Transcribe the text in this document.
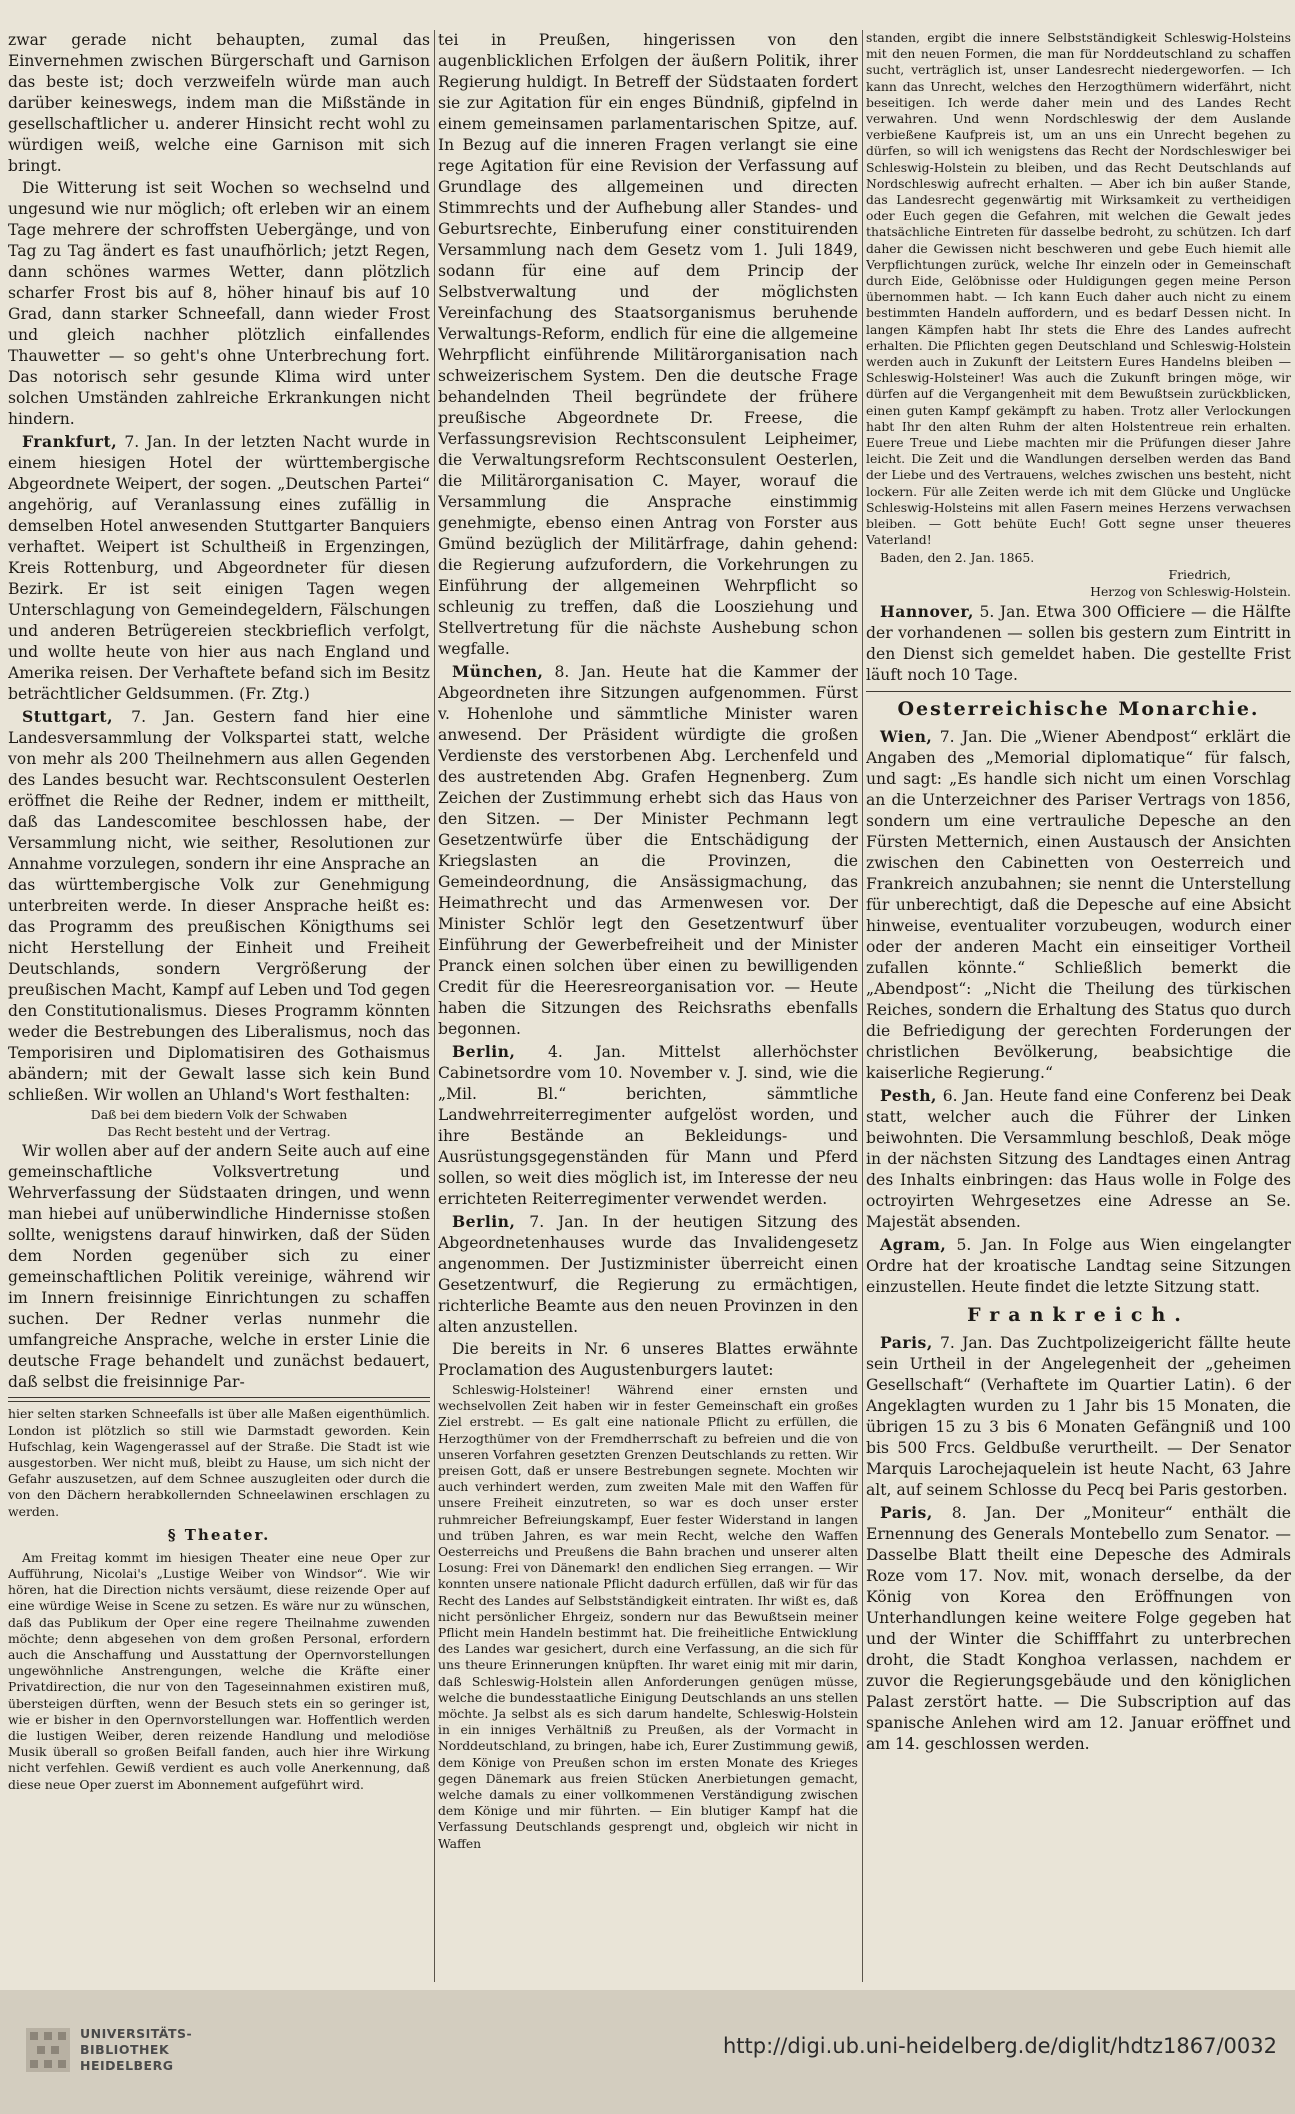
zwar gerade nicht behaupten, zumal das Einvernehmen zwischen Bürgerschaft und Garnison das beste ist; doch verzweifeln würde man auch darüber keineswegs, indem man die Mißstände in gesellschaftlicher u. anderer Hinsicht recht wohl zu würdigen weiß, welche eine Garnison mit sich bringt.

Die Witterung ist seit Wochen so wechselnd und ungesund wie nur möglich; oft erleben wir an einem Tage mehrere der schroffsten Uebergänge, und von Tag zu Tag ändert es fast unaufhörlich; jetzt Regen, dann schönes warmes Wetter, dann plötzlich scharfer Frost bis auf 8, höher hinauf bis auf 10 Grad, dann starker Schneefall, dann wieder Frost und gleich nachher plötzlich einfallendes Thauwetter — so geht's ohne Unterbrechung fort. Das notorisch sehr gesunde Klima wird unter solchen Umständen zahlreiche Erkrankungen nicht hindern.

Frankfurt, 7. Jan. In der letzten Nacht wurde in einem hiesigen Hotel der württembergische Abgeordnete Weipert, der sogen. „Deutschen Partei“ angehörig, auf Veranlassung eines zufällig in demselben Hotel anwesenden Stuttgarter Banquiers verhaftet. Weipert ist Schultheiß in Ergenzingen, Kreis Rottenburg, und Abgeordneter für diesen Bezirk. Er ist seit einigen Tagen wegen Unterschlagung von Gemeindegeldern, Fälschungen und anderen Betrügereien steckbrieflich verfolgt, und wollte heute von hier aus nach England und Amerika reisen. Der Verhaftete befand sich im Besitz beträchtlicher Geldsummen. (Fr. Ztg.)

Stuttgart, 7. Jan. Gestern fand hier eine Landesversammlung der Volkspartei statt, welche von mehr als 200 Theilnehmern aus allen Gegenden des Landes besucht war. Rechtsconsulent Oesterlen eröffnet die Reihe der Redner, indem er mittheilt, daß das Landescomitee beschlossen habe, der Versammlung nicht, wie seither, Resolutionen zur Annahme vorzulegen, sondern ihr eine Ansprache an das württembergische Volk zur Genehmigung unterbreiten werde. In dieser Ansprache heißt es: das Programm des preußischen Königthums sei nicht Herstellung der Einheit und Freiheit Deutschlands, sondern Vergrößerung der preußischen Macht, Kampf auf Leben und Tod gegen den Constitutionalismus. Dieses Programm könnten weder die Bestrebungen des Liberalismus, noch das Temporisiren und Diplomatisiren des Gothaismus abändern; mit der Gewalt lasse sich kein Bund schließen. Wir wollen an Uhland's Wort festhalten:

Daß bei dem biedern Volk der Schwaben

Das Recht besteht und der Vertrag.

Wir wollen aber auf der andern Seite auch auf eine gemeinschaftliche Volksvertretung und Wehrverfassung der Südstaaten dringen, und wenn man hiebei auf unüberwindliche Hindernisse stoßen sollte, wenigstens darauf hinwirken, daß der Süden dem Norden gegenüber sich zu einer gemeinschaftlichen Politik vereinige, während wir im Innern freisinnige Einrichtungen zu schaffen suchen. Der Redner verlas nunmehr die umfangreiche Ansprache, welche in erster Linie die deutsche Frage behandelt und zunächst bedauert, daß selbst die freisinnige Par-

hier selten starken Schneefalls ist über alle Maßen eigenthümlich. London ist plötzlich so still wie Darmstadt geworden. Kein Hufschlag, kein Wagengerassel auf der Straße. Die Stadt ist wie ausgestorben. Wer nicht muß, bleibt zu Hause, um sich nicht der Gefahr auszusetzen, auf dem Schnee auszugleiten oder durch die von den Dächern herabkollernden Schneelawinen erschlagen zu werden.

§ Theater.

Am Freitag kommt im hiesigen Theater eine neue Oper zur Aufführung, Nicolai's „Lustige Weiber von Windsor“. Wie wir hören, hat die Direction nichts versäumt, diese reizende Oper auf eine würdige Weise in Scene zu setzen. Es wäre nur zu wünschen, daß das Publikum der Oper eine regere Theilnahme zuwenden möchte; denn abgesehen von dem großen Personal, erfordern auch die Anschaffung und Ausstattung der Opernvorstellungen ungewöhnliche Anstrengungen, welche die Kräfte einer Privatdirection, die nur von den Tageseinnahmen existiren muß, übersteigen dürften, wenn der Besuch stets ein so geringer ist, wie er bisher in den Opernvorstellungen war. Hoffentlich werden die lustigen Weiber, deren reizende Handlung und melodiöse Musik überall so großen Beifall fanden, auch hier ihre Wirkung nicht verfehlen. Gewiß verdient es auch volle Anerkennung, daß diese neue Oper zuerst im Abonnement aufgeführt wird.

tei in Preußen, hingerissen von den augenblicklichen Erfolgen der äußern Politik, ihrer Regierung huldigt. In Betreff der Südstaaten fordert sie zur Agitation für ein enges Bündniß, gipfelnd in einem gemeinsamen parlamentarischen Spitze, auf. In Bezug auf die inneren Fragen verlangt sie eine rege Agitation für eine Revision der Verfassung auf Grundlage des allgemeinen und directen Stimmrechts und der Aufhebung aller Standes- und Geburtsrechte, Einberufung einer constituirenden Versammlung nach dem Gesetz vom 1. Juli 1849, sodann für eine auf dem Princip der Selbstverwaltung und der möglichsten Vereinfachung des Staatsorganismus beruhende Verwaltungs-Reform, endlich für eine die allgemeine Wehrpflicht einführende Militärorganisation nach schweizerischem System. Den die deutsche Frage behandelnden Theil begründete der frühere preußische Abgeordnete Dr. Freese, die Verfassungsrevision Rechtsconsulent Leipheimer, die Verwaltungsreform Rechtsconsulent Oesterlen, die Militärorganisation C. Mayer, worauf die Versammlung die Ansprache einstimmig genehmigte, ebenso einen Antrag von Forster aus Gmünd bezüglich der Militärfrage, dahin gehend: die Regierung aufzufordern, die Vorkehrungen zu Einführung der allgemeinen Wehrpflicht so schleunig zu treffen, daß die Loosziehung und Stellvertretung für die nächste Aushebung schon wegfalle.

München, 8. Jan. Heute hat die Kammer der Abgeordneten ihre Sitzungen aufgenommen. Fürst v. Hohenlohe und sämmtliche Minister waren anwesend. Der Präsident würdigte die großen Verdienste des verstorbenen Abg. Lerchenfeld und des austretenden Abg. Grafen Hegnenberg. Zum Zeichen der Zustimmung erhebt sich das Haus von den Sitzen. — Der Minister Pechmann legt Gesetzentwürfe über die Entschädigung der Kriegslasten an die Provinzen, die Gemeindeordnung, die Ansässigmachung, das Heimathrecht und das Armenwesen vor. Der Minister Schlör legt den Gesetzentwurf über Einführung der Gewerbefreiheit und der Minister Pranck einen solchen über einen zu bewilligenden Credit für die Heeresreorganisation vor. — Heute haben die Sitzungen des Reichsraths ebenfalls begonnen.

Berlin, 4. Jan. Mittelst allerhöchster Cabinetsordre vom 10. November v. J. sind, wie die „Mil. Bl.“ berichten, sämmtliche Landwehrreiterregimenter aufgelöst worden, und ihre Bestände an Bekleidungs- und Ausrüstungsgegenständen für Mann und Pferd sollen, so weit dies möglich ist, im Interesse der neu errichteten Reiterregimenter verwendet werden.

Berlin, 7. Jan. In der heutigen Sitzung des Abgeordnetenhauses wurde das Invalidengesetz angenommen. Der Justizminister überreicht einen Gesetzentwurf, die Regierung zu ermächtigen, richterliche Beamte aus den neuen Provinzen in den alten anzustellen.

Die bereits in Nr. 6 unseres Blattes erwähnte Proclamation des Augustenburgers lautet:

Schleswig-Holsteiner! Während einer ernsten und wechselvollen Zeit haben wir in fester Gemeinschaft ein großes Ziel erstrebt. — Es galt eine nationale Pflicht zu erfüllen, die Herzogthümer von der Fremdherrschaft zu befreien und die von unseren Vorfahren gesetzten Grenzen Deutschlands zu retten. Wir preisen Gott, daß er unsere Bestrebungen segnete. Mochten wir auch verhindert werden, zum zweiten Male mit den Waffen für unsere Freiheit einzutreten, so war es doch unser erster ruhmreicher Befreiungskampf, Euer fester Widerstand in langen und trüben Jahren, es war mein Recht, welche den Waffen Oesterreichs und Preußens die Bahn brachen und unserer alten Losung: Frei von Dänemark! den endlichen Sieg errangen. — Wir konnten unsere nationale Pflicht dadurch erfüllen, daß wir für das Recht des Landes auf Selbstständigkeit eintraten. Ihr wißt es, daß nicht persönlicher Ehrgeiz, sondern nur das Bewußtsein meiner Pflicht mein Handeln bestimmt hat. Die freiheitliche Entwicklung des Landes war gesichert, durch eine Verfassung, an die sich für uns theure Erinnerungen knüpften. Ihr waret einig mit mir darin, daß Schleswig-Holstein allen Anforderungen genügen müsse, welche die bundesstaatliche Einigung Deutschlands an uns stellen möchte. Ja selbst als es sich darum handelte, Schleswig-Holstein in ein inniges Verhältniß zu Preußen, als der Vormacht in Norddeutschland, zu bringen, habe ich, Eurer Zustimmung gewiß, dem Könige von Preußen schon im ersten Monate des Krieges gegen Dänemark aus freien Stücken Anerbietungen gemacht, welche damals zu einer vollkommenen Verständigung zwischen dem Könige und mir führten. — Ein blutiger Kampf hat die Verfassung Deutschlands gesprengt und, obgleich wir nicht in Waffen

standen, ergibt die innere Selbstständigkeit Schleswig-Holsteins mit den neuen Formen, die man für Norddeutschland zu schaffen sucht, verträglich ist, unser Landesrecht niedergeworfen. — Ich kann das Unrecht, welches den Herzogthümern widerfährt, nicht beseitigen. Ich werde daher mein und des Landes Recht verwahren. Und wenn Nordschleswig der dem Auslande verbießene Kaufpreis ist, um an uns ein Unrecht begehen zu dürfen, so will ich wenigstens das Recht der Nordschleswiger bei Schleswig-Holstein zu bleiben, und das Recht Deutschlands auf Nordschleswig aufrecht erhalten. — Aber ich bin außer Stande, das Landesrecht gegenwärtig mit Wirksamkeit zu vertheidigen oder Euch gegen die Gefahren, mit welchen die Gewalt jedes thatsächliche Eintreten für dasselbe bedroht, zu schützen. Ich darf daher die Gewissen nicht beschweren und gebe Euch hiemit alle Verpflichtungen zurück, welche Ihr einzeln oder in Gemeinschaft durch Eide, Gelöbnisse oder Huldigungen gegen meine Person übernommen habt. — Ich kann Euch daher auch nicht zu einem bestimmten Handeln auffordern, und es bedarf Dessen nicht. In langen Kämpfen habt Ihr stets die Ehre des Landes aufrecht erhalten. Die Pflichten gegen Deutschland und Schleswig-Holstein werden auch in Zukunft der Leitstern Eures Handelns bleiben — Schleswig-Holsteiner! Was auch die Zukunft bringen möge, wir dürfen auf die Vergangenheit mit dem Bewußtsein zurückblicken, einen guten Kampf gekämpft zu haben. Trotz aller Verlockungen habt Ihr den alten Ruhm der alten Holstentreue rein erhalten. Euere Treue und Liebe machten mir die Prüfungen dieser Jahre leicht. Die Zeit und die Wandlungen derselben werden das Band der Liebe und des Vertrauens, welches zwischen uns besteht, nicht lockern. Für alle Zeiten werde ich mit dem Glücke und Unglücke Schleswig-Holsteins mit allen Fasern meines Herzens verwachsen bleiben. — Gott behüte Euch! Gott segne unser theueres Vaterland!

Baden, den 2. Jan. 1865.

Friedrich,

Herzog von Schleswig-Holstein.

Hannover, 5. Jan. Etwa 300 Officiere — die Hälfte der vorhandenen — sollen bis gestern zum Eintritt in den Dienst sich gemeldet haben. Die gestellte Frist läuft noch 10 Tage.

Oesterreichische Monarchie.

Wien, 7. Jan. Die „Wiener Abendpost“ erklärt die Angaben des „Memorial diplomatique“ für falsch, und sagt: „Es handle sich nicht um einen Vorschlag an die Unterzeichner des Pariser Vertrags von 1856, sondern um eine vertrauliche Depesche an den Fürsten Metternich, einen Austausch der Ansichten zwischen den Cabinetten von Oesterreich und Frankreich anzubahnen; sie nennt die Unterstellung für unberechtigt, daß die Depesche auf eine Absicht hinweise, eventualiter vorzubeugen, wodurch einer oder der anderen Macht ein einseitiger Vortheil zufallen könnte.“ Schließlich bemerkt die „Abendpost“: „Nicht die Theilung des türkischen Reiches, sondern die Erhaltung des Status quo durch die Befriedigung der gerechten Forderungen der christlichen Bevölkerung, beabsichtige die kaiserliche Regierung.“

Pesth, 6. Jan. Heute fand eine Conferenz bei Deak statt, welcher auch die Führer der Linken beiwohnten. Die Versammlung beschloß, Deak möge in der nächsten Sitzung des Landtages einen Antrag des Inhalts einbringen: das Haus wolle in Folge des octroyirten Wehrgesetzes eine Adresse an Se. Majestät absenden.

Agram, 5. Jan. In Folge aus Wien eingelangter Ordre hat der kroatische Landtag seine Sitzungen einzustellen. Heute findet die letzte Sitzung statt.

Frankreich.

Paris, 7. Jan. Das Zuchtpolizeigericht fällte heute sein Urtheil in der Angelegenheit der „geheimen Gesellschaft“ (Verhaftete im Quartier Latin). 6 der Angeklagten wurden zu 1 Jahr bis 15 Monaten, die übrigen 15 zu 3 bis 6 Monaten Gefängniß und 100 bis 500 Frcs. Geldbuße verurtheilt. — Der Senator Marquis Larochejaquelein ist heute Nacht, 63 Jahre alt, auf seinem Schlosse du Pecq bei Paris gestorben.

Paris, 8. Jan. Der „Moniteur“ enthält die Ernennung des Generals Montebello zum Senator. — Dasselbe Blatt theilt eine Depesche des Admirals Roze vom 17. Nov. mit, wonach derselbe, da der König von Korea den Eröffnungen von Unterhandlungen keine weitere Folge gegeben hat und der Winter die Schifffahrt zu unterbrechen droht, die Stadt Konghoa verlassen, nachdem er zuvor die Regierungsgebäude und den königlichen Palast zerstört hatte. — Die Subscription auf das spanische Anlehen wird am 12. Januar eröffnet und am 14. geschlossen werden.

UNIVERSITÄTS-
BIBLIOTHEK
HEIDELBERG
http://digi.ub.uni-heidelberg.de/diglit/hdtz1867/0032
